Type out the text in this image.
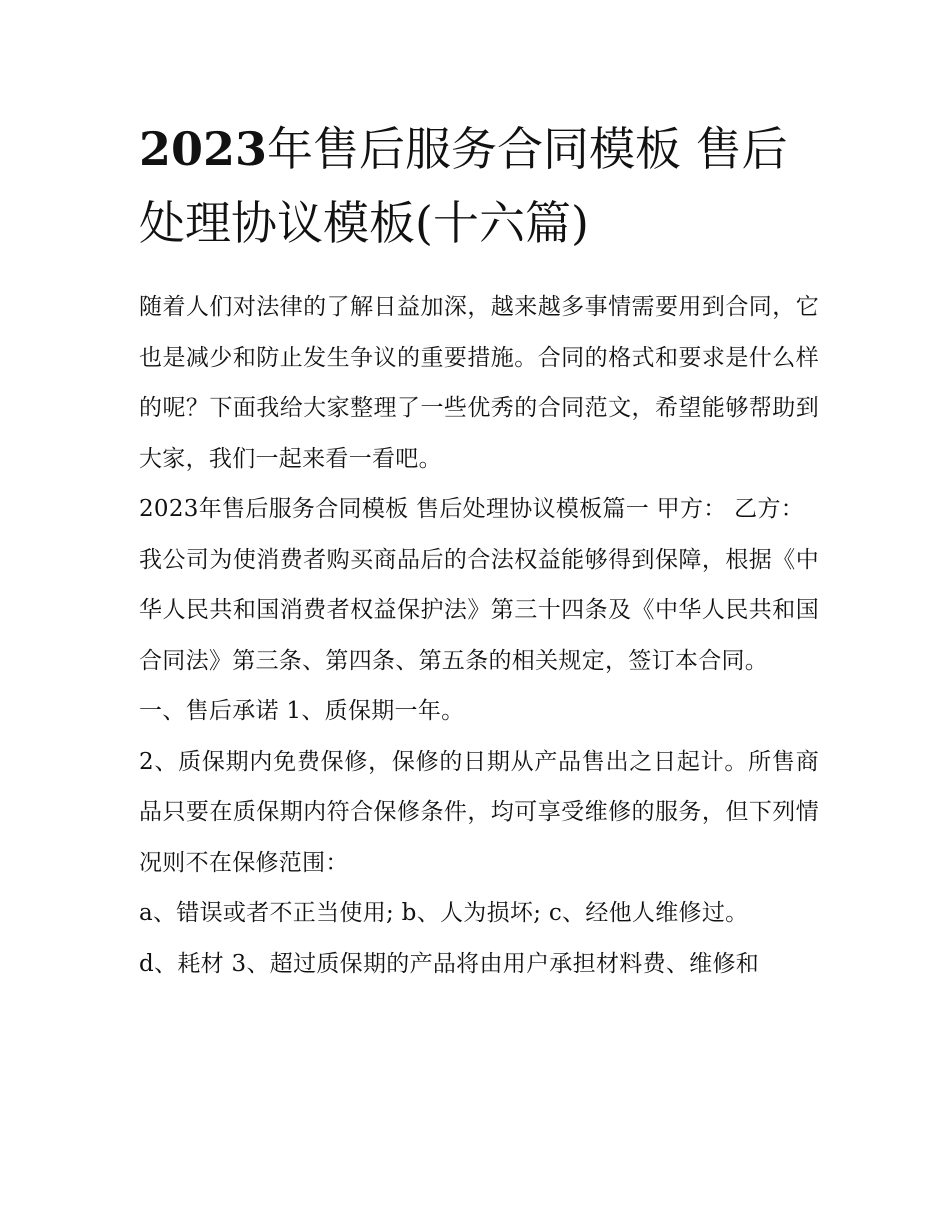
2023年售后服务合同模板 售后处理协议模板(十六篇)

随着人们对法律的了解日益加深，越来越多事情需要用到合同，它也是减少和防止发生争议的重要措施。合同的格式和要求是什么样的呢？下面我给大家整理了一些优秀的合同范文，希望能够帮助到大家，我们一起来看一看吧。

2023年售后服务合同模板 售后处理协议模板篇一 甲方： 乙方：

我公司为使消费者购买商品后的合法权益能够得到保障，根据《中华人民共和国消费者权益保护法》第三十四条及《中华人民共和国合同法》第三条、第四条、第五条的相关规定，签订本合同。

一、售后承诺 1、质保期一年。

2、质保期内免费保修，保修的日期从产品售出之日起计。所售商品只要在质保期内符合保修条件，均可享受维修的服务，但下列情况则不在保修范围：

a、错误或者不正当使用; b、人为损坏; c、经他人维修过。

d、耗材 3、超过质保期的产品将由用户承担材料费、维修和
